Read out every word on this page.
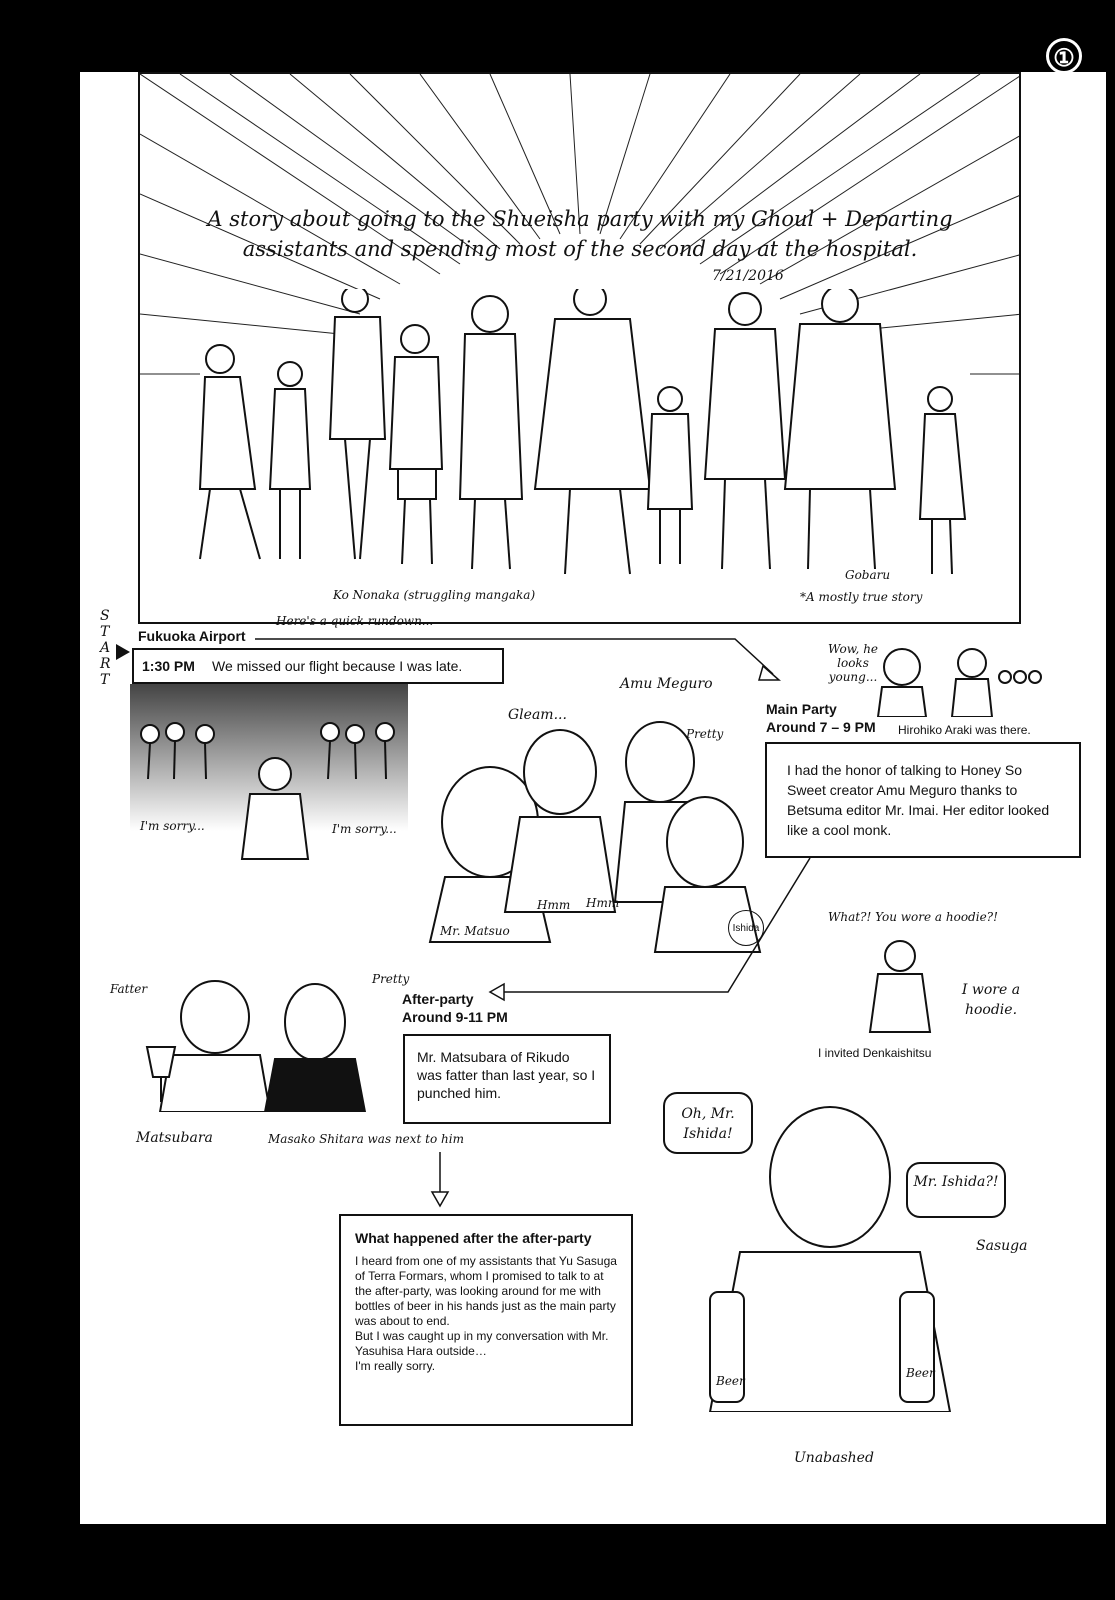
①
A story about going to the Shueisha party with my Ghoul + Departing assistants and spending most of the second day at the hospital.
7/21/2016
Ko Nonaka (struggling mangaka)
Gobaru
*A mostly true story
START
Here's a quick rundown...
Fukuoka Airport
1:30 PM We missed our flight because I was late.
I'm sorry...	I'm sorry...
Gleam...
Amu Meguro
Pretty
Hmm Hmm
Mr. Matsuo	Ishida
Main Party
Around 7 – 9 PM
Wow, he looks young...
Hirohiko Araki was there.
I had the honor of talking to Honey So Sweet creator Amu Meguro thanks to Betsuma editor Mr. Imai. Her editor looked like a cool monk.
What?! You wore a hoodie?!
I wore a hoodie.
I invited Denkaishitsu
After-party
Around 9-11 PM
Mr. Matsubara of Rikudo was fatter than last year, so I punched him.
Fatter
Pretty
Matsubara	Masako Shitara was next to him
What happened after the after-party
I heard from one of my assistants that Yu Sasuga of Terra Formars, whom I promised to talk to at the after-party, was looking around for me with bottles of beer in his hands just as the main party was about to end.
But I was caught up in my conversation with Mr. Yasuhisa Hara outside…
I'm really sorry.
Oh, Mr. Ishida!
Mr. Ishida?!
Sasuga
Beer
Beer
Unabashed
